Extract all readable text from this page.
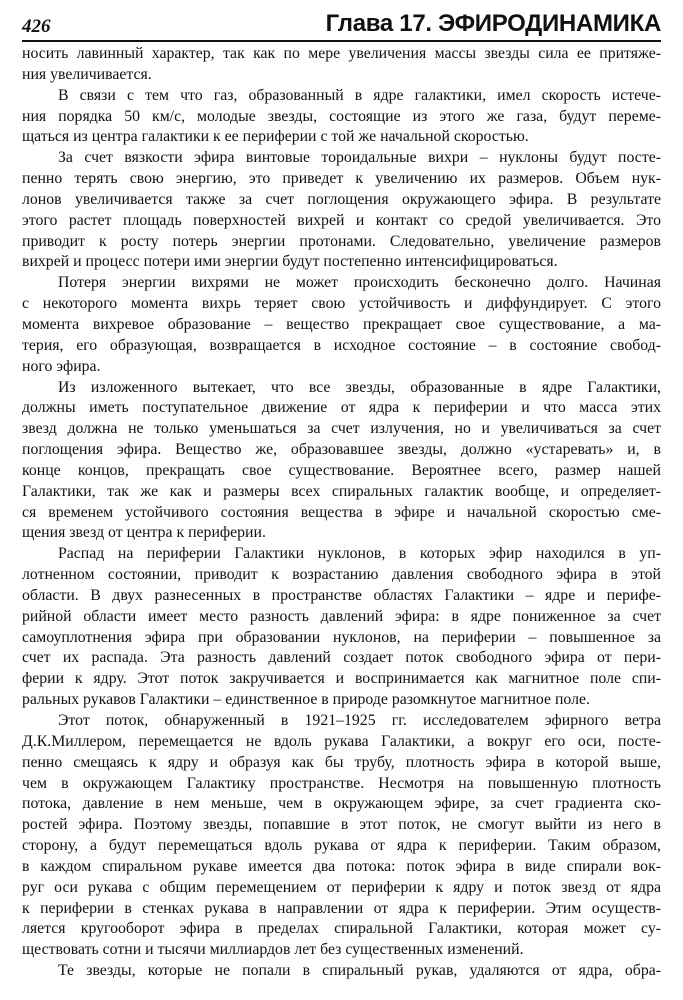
426	Глава 17. ЭФИРОДИНАМИКА
носить лавинный характер, так как по мере увеличения массы звезды сила ее притяже-
ния увеличивается.
В связи с тем что газ, образованный в ядре галактики, имел скорость истече-
ния порядка 50 км/с, молодые звезды, состоящие из этого же газа, будут переме-
щаться из центра галактики к ее периферии с той же начальной скоростью.
За счет вязкости эфира винтовые тороидальные вихри – нуклоны будут посте-
пенно терять свою энергию, это приведет к увеличению их размеров. Объем нук-
лонов увеличивается также за счет поглощения окружающего эфира. В результате
этого растет площадь поверхностей вихрей и контакт со средой увеличивается. Это
приводит к росту потерь энергии протонами. Следовательно, увеличение размеров
вихрей и процесс потери ими энергии будут постепенно интенсифицироваться.
Потеря энергии вихрями не может происходить бесконечно долго. Начиная
с некоторого момента вихрь теряет свою устойчивость и диффундирует. С этого
момента вихревое образование – вещество прекращает свое существование, а ма-
терия, его образующая, возвращается в исходное состояние – в состояние свобод-
ного эфира.
Из изложенного вытекает, что все звезды, образованные в ядре Галактики,
должны иметь поступательное движение от ядра к периферии и что масса этих
звезд должна не только уменьшаться за счет излучения, но и увеличиваться за счет
поглощения эфира. Вещество же, образовавшее звезды, должно «устаревать» и, в
конце концов, прекращать свое существование. Вероятнее всего, размер нашей
Галактики, так же как и размеры всех спиральных галактик вообще, и определяет-
ся временем устойчивого состояния вещества в эфире и начальной скоростью сме-
щения звезд от центра к периферии.
Распад на периферии Галактики нуклонов, в которых эфир находился в уп-
лотненном состоянии, приводит к возрастанию давления свободного эфира в этой
области. В двух разнесенных в пространстве областях Галактики – ядре и перифе-
рийной области имеет место разность давлений эфира: в ядре пониженное за счет
самоуплотнения эфира при образовании нуклонов, на периферии – повышенное за
счет их распада. Эта разность давлений создает поток свободного эфира от пери-
ферии к ядру. Этот поток закручивается и воспринимается как магнитное поле спи-
ральных рукавов Галактики – единственное в природе разомкнутое магнитное поле.
Этот поток, обнаруженный в 1921–1925 гг. исследователем эфирного ветра
Д.К.Миллером, перемещается не вдоль рукава Галактики, а вокруг его оси, посте-
пенно смещаясь к ядру и образуя как бы трубу, плотность эфира в которой выше,
чем в окружающем Галактику пространстве. Несмотря на повышенную плотность
потока, давление в нем меньше, чем в окружающем эфире, за счет градиента ско-
ростей эфира. Поэтому звезды, попавшие в этот поток, не смогут выйти из него в
сторону, а будут перемещаться вдоль рукава от ядра к периферии. Таким образом,
в каждом спиральном рукаве имеется два потока: поток эфира в виде спирали вок-
руг оси рукава с общим перемещением от периферии к ядру и поток звезд от ядра
к периферии в стенках рукава в направлении от ядра к периферии. Этим осуществ-
ляется кругооборот эфира в пределах спиральной Галактики, которая может су-
ществовать сотни и тысячи миллиардов лет без существенных изменений.
Те звезды, которые не попали в спиральный рукав, удаляются от ядра, обра-
